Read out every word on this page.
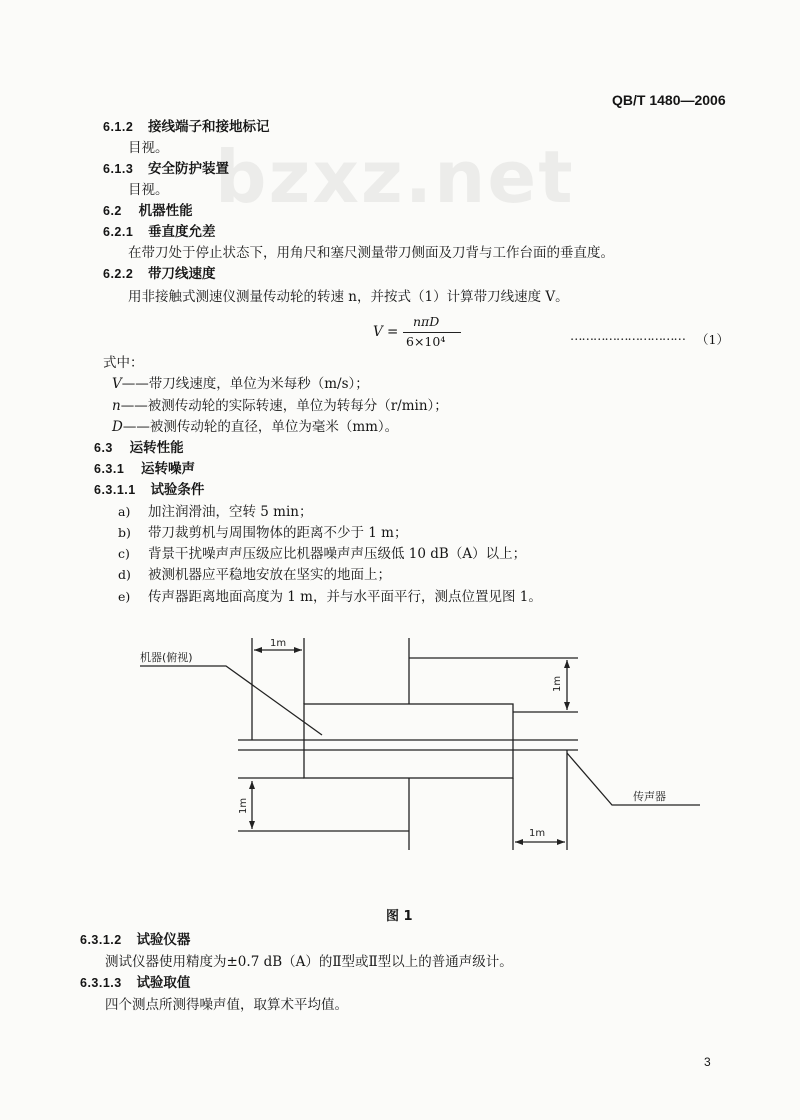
QB/T 1480—2006
bzxz.net
6.1.2 接线端子和接地标记
目视。
6.1.3 安全防护装置
目视。
6.2 机器性能
6.2.1 垂直度允差
在带刀处于停止状态下，用角尺和塞尺测量带刀侧面及刀背与工作台面的垂直度。
6.2.2 带刀线速度
用非接触式测速仪测量传动轮的转速 n，并按式（1）计算带刀线速度 V。
V =
nπD
6×10⁴	………………………… （1）
式中：
V——带刀线速度，单位为米每秒（m/s）；
n——被测传动轮的实际转速，单位为转每分（r/min）；
D——被测传动轮的直径，单位为毫米（mm）。
6.3 运转性能
6.3.1 运转噪声
6.3.1.1 试验条件
a) 加注润滑油，空转 5 min；
b) 带刀裁剪机与周围物体的距离不少于 1 m；
c) 背景干扰噪声声压级应比机器噪声声压级低 10 dB（A）以上；
d) 被测机器应平稳地安放在坚实的地面上；
e) 传声器距离地面高度为 1 m，并与水平面平行，测点位置见图 1。
机器(俯视)
传声器
1m
1m
1m
1m
图 1
6.3.1.2 试验仪器
测试仪器使用精度为±0.7 dB（A）的Ⅱ型或Ⅱ型以上的普通声级计。
6.3.1.3 试验取值
四个测点所测得噪声值，取算术平均值。
3
